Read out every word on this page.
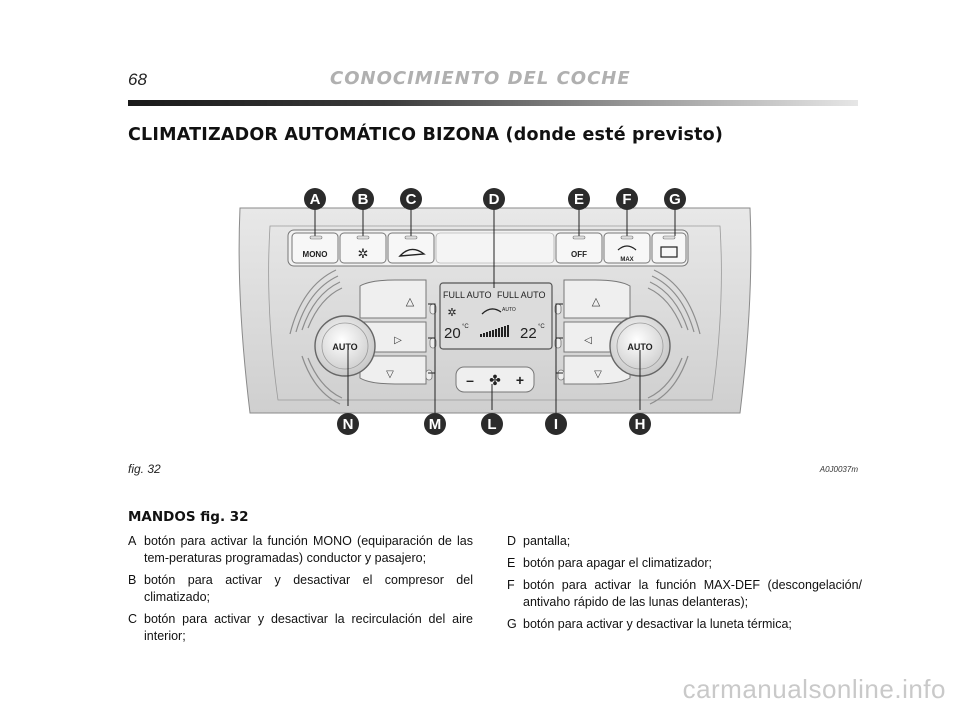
68	CONOCIMIENTO DEL COCHE
CLIMATIZADOR AUTOMÁTICO BIZONA (donde esté previsto)
MONO ✲	OFF
MAX
△
▷
▽
△
◁
▽
AUTO	AUTO
FULL AUTO FULL AUTO
✲	AUTO
20 °C	22 °C
– ✤ +
A B C	D	E	F	G
N	M	L	I	H
fig. 32	A0J0037m
MANDOS fig. 32
A botón para activar la función MONO (equiparación de las tem-peraturas programadas) conductor y pasajero;
B botón para activar y desactivar el compresor del climatizado;
C botón para activar y desactivar la recirculación del aire interior;
D pantalla;
E botón para apagar el climatizador;
F botón para activar la función MAX-DEF (descongelación/ antivaho rápido de las lunas delanteras);
G botón para activar y desactivar la luneta térmica;
carmanualsonline.info
